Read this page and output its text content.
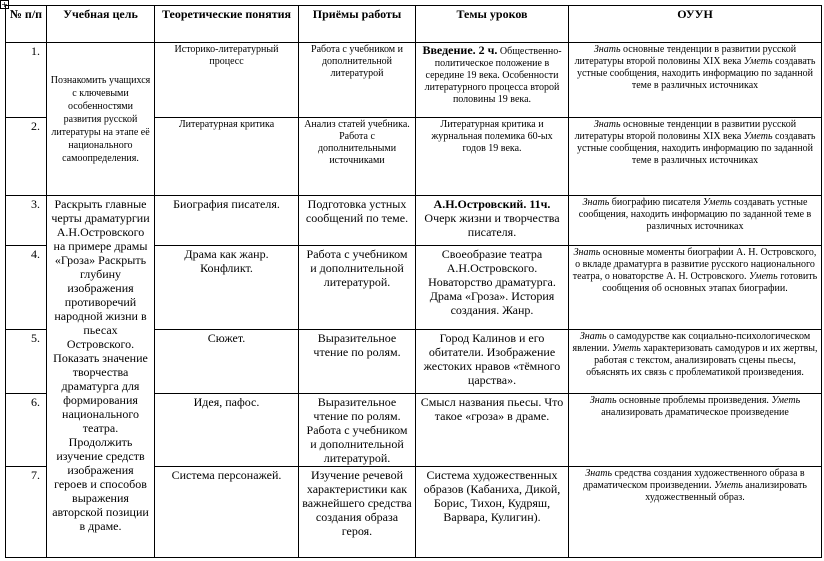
+
№ п/п	Учебная цель	Теоретические понятия	Приёмы работы	Темы уроков	ОУУН
1.	Познакомить учащихся с ключевыми особенностями развития русской литературы на этапе её национального самоопределения.	Историко-литературный процесс	Работа с учебником и дополнительной литературой	Введение. 2 ч. Общественно- политическое положение в середине 19 века. Особенности литературного процесса второй половины 19 века.	Знать основные тенденции в развитии русской литературы второй половины XIX века Уметь создавать устные сообщения, находить информацию по заданной теме в различных источниках
2.		Литературная критика	Анализ статей учебника. Работа с дополнительными источниками	Литературная критика и журнальная полемика 60-ых годов 19 века.	Знать основные тенденции в развитии русской литературы второй половины XIX века Уметь создавать устные сообщения, находить информацию по заданной теме в различных источниках
3.	Раскрыть главные черты драматургии А.Н.Островского на примере драмы «Гроза» Раскрыть глубину изображения противоречий народной жизни в пьесах Островского. Показать значение творчества драматурга для формирования национального театра. Продолжить изучение средств изображения героев и способов выражения авторской позиции в драме.	Биография писателя.	Подготовка устных сообщений по теме.	А.Н.Островский. 11ч. Очерк жизни и творчества писателя.	Знать биографию писателя Уметь создавать устные сообщения, находить информацию по заданной теме в различных источниках
4.		Драма как жанр. Конфликт.	Работа с учебником и дополнительной литературой.	Своеобразие театра А.Н.Островского. Новаторство драматурга. Драма «Гроза». История создания. Жанр.	Знать основные моменты биографии А. Н. Островского, о вкладе драматурга в развитие русского национального театра, о новаторстве А. Н. Островского. Уметь готовить сообщения об основных этапах биографии.
5.		Сюжет.	Выразительное чтение по ролям.	Город Калинов и его обитатели. Изображение жестоких нравов «тёмного царства».	Знать о самодурстве как социально-психологическом явлении. Уметь характеризовать самодуров и их жертвы, работая с текстом, анализировать сцены пьесы, объяснять их связь с проблематикой произведения.
6.		Идея, пафос.	Выразительное чтение по ролям. Работа с учебником и дополнительной литературой.	Смысл названия пьесы. Что такое «гроза» в драме.	Знать основные проблемы произведения. Уметь анализировать драматическое произведение
7.		Система персонажей.	Изучение речевой характеристики как важнейшего средства создания образа героя.	Система художественных образов (Кабаниха, Дикой, Борис, Тихон, Кудряш, Варвара, Кулигин).	Знать средства создания художественного образа в драматическом произведении. Уметь анализировать художественный образ.
